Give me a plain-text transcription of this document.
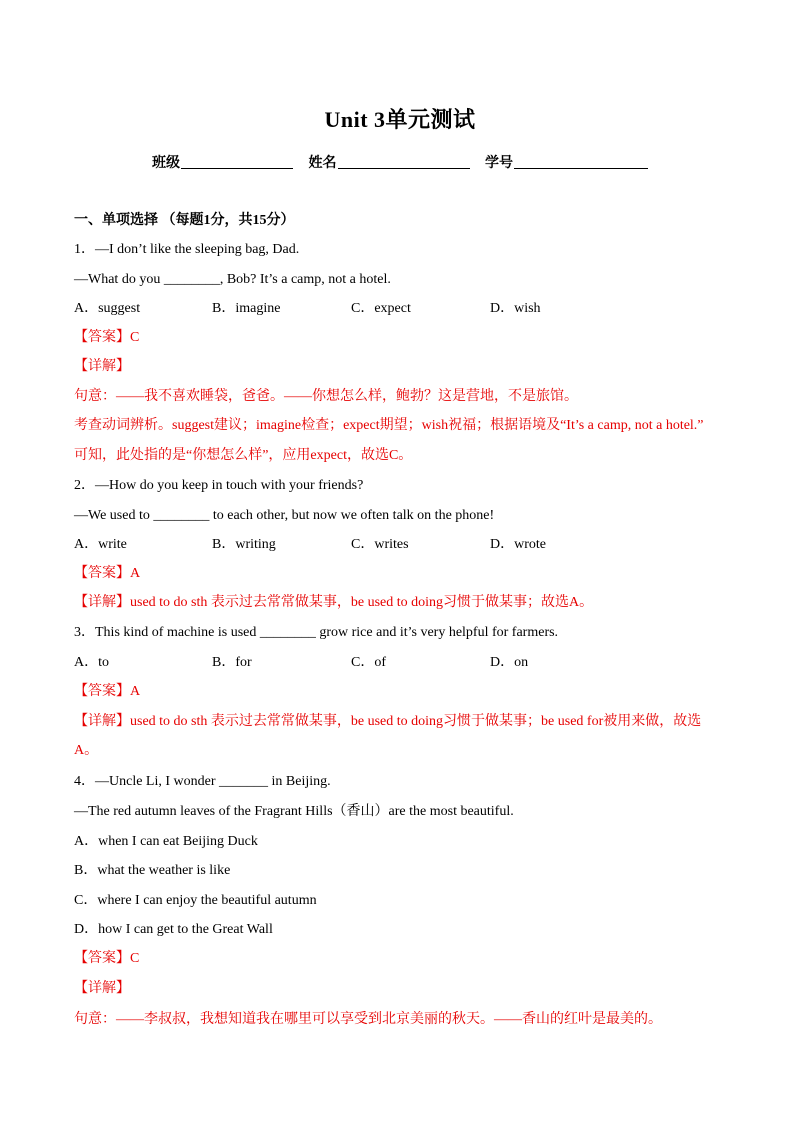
Unit 3单元测试
班级	姓名	学号
一、单项选择 （每题1分，共15分）
1．—I don’t like the sleeping bag, Dad.
—What do you ________, Bob? It’s a camp, not a hotel.
A．suggest	B．imagine	C．expect	D．wish
【答案】C
【详解】
句意：——我不喜欢睡袋，爸爸。——你想怎么样，鲍勃？这是营地，不是旅馆。
考查动词辨析。suggest建议；imagine检查；expect期望；wish祝福；根据语境及“It’s a camp, not a hotel.”
可知，此处指的是“你想怎么样”，应用expect，故选C。
2．—How do you keep in touch with your friends?
—We used to ________ to each other, but now we often talk on the phone!
A．write	B．writing	C．writes	D．wrote
【答案】A
【详解】used to do sth 表示过去常常做某事，be used to doing习惯于做某事；故选A。
3．This kind of machine is used ________ grow rice and it’s very helpful for farmers.
A．to	B．for	C．of	D．on
【答案】A
【详解】used to do sth 表示过去常常做某事，be used to doing习惯于做某事；be used for被用来做，故选
A。
4．—Uncle Li, I wonder _______ in Beijing.
—The red autumn leaves of the Fragrant Hills（香山）are the most beautiful.
A．when I can eat Beijing Duck
B．what the weather is like
C．where I can enjoy the beautiful autumn
D．how I can get to the Great Wall
【答案】C
【详解】
句意：——李叔叔，我想知道我在哪里可以享受到北京美丽的秋天。——香山的红叶是最美的。
